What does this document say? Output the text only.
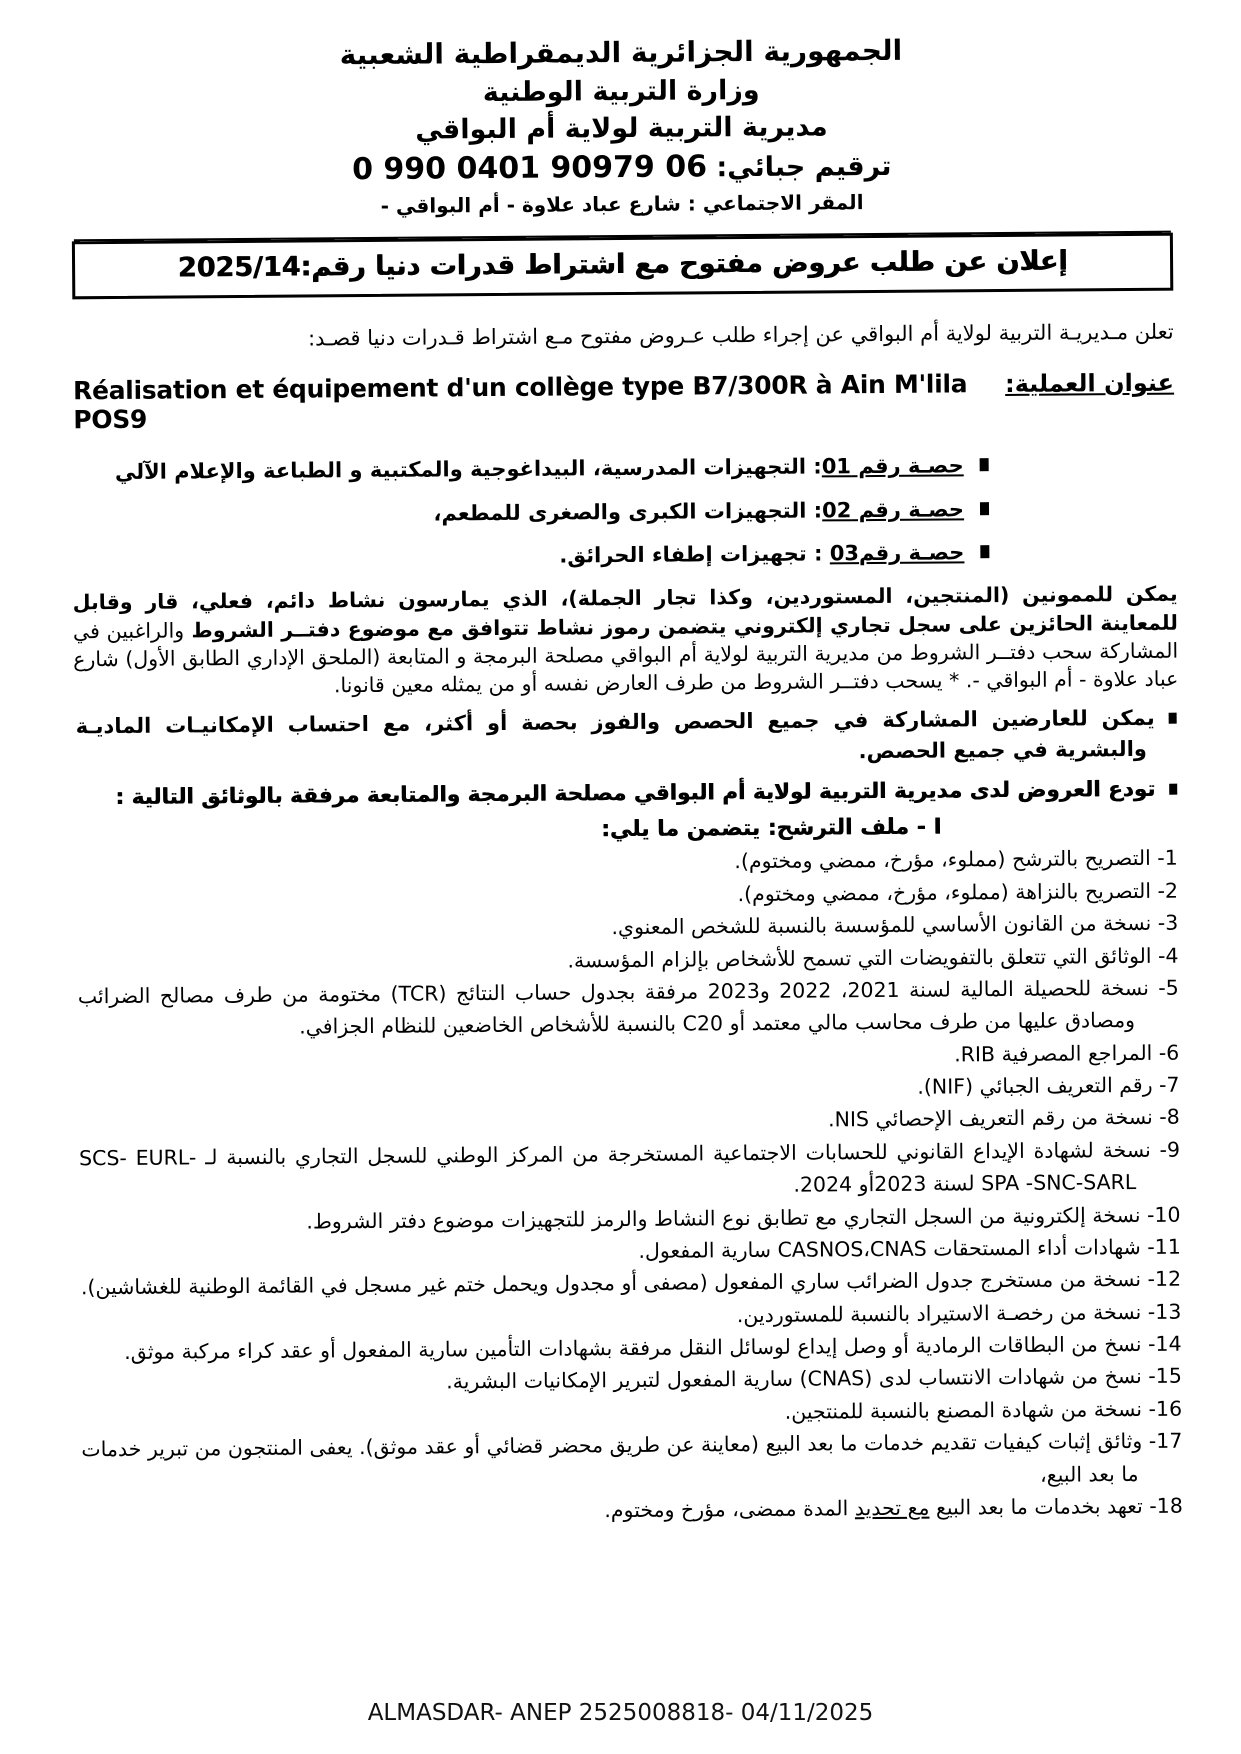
الجمهورية الجزائرية الديمقراطية الشعبية
وزارة التربية الوطنية
مديرية التربية لولاية أم البواقي
ترقيم جبائي: 0 990 0401 90979 06
المقر الاجتماعي : شارع عباد علاوة - أم البواقي -
إعلان عن طلب عروض مفتوح مع اشتراط قدرات دنيا رقم:2025/14
تعلن مـديريـة التربية لولاية أم البواقي عن إجراء طلب عـروض مفتوح مـع اشتراط قـدرات دنيا قصـد:
عنوان العملية:
Réalisation et équipement d'un collège type B7/300R à Ain M'lila POS9
حصـة رقم 01: التجهيزات المدرسية، البيداغوجية والمكتبية و الطباعة والإعلام الآلي
حصـة رقم 02: التجهيزات الكبرى والصغرى للمطعم،
حصـة رقم03 : تجهيزات إطفاء الحرائق.
يمكن للممونين (المنتجين، المستوردين، وكذا تجار الجملة)، الذي يمارسون نشاط دائم، فعلي، قار وقابل للمعاينة الحائزين على سجل تجاري إلكتروني يتضمن رموز نشاط تتوافق مع موضوع دفتــر الشروط والراغبين في المشاركة سحب دفتــر الشروط من مديرية التربية لولاية أم البواقي مصلحة البرمجة و المتابعة (الملحق الإداري الطابق الأول) شارع عباد علاوة - أم البواقي -. * يسحب دفتــر الشروط من طرف العارض نفسه أو من يمثله معين قانونا.
يمكن للعارضين المشاركة في جميع الحصص والفوز بحصة أو أكثر، مع احتساب الإمكانيـات الماديـة والبشرية في جميع الحصص.
تودع العروض لدى مديرية التربية لولاية أم البواقي مصلحة البرمجة والمتابعة مرفقة بالوثائق التالية :
I - ملف الترشح: يتضمن ما يلي:
1- التصريح بالترشح (مملوء، مؤرخ، ممضي ومختوم).
2- التصريح بالنزاهة (مملوء، مؤرخ، ممضي ومختوم).
3- نسخة من القانون الأساسي للمؤسسة بالنسبة للشخص المعنوي.
4- الوثائق التي تتعلق بالتفويضات التي تسمح للأشخاص بإلزام المؤسسة.
5- نسخة للحصيلة المالية لسنة 2021، 2022 و2023 مرفقة بجدول حساب النتائج (TCR) مختومة من طرف مصالح الضرائب ومصادق عليها من طرف محاسب مالي معتمد أو C20 بالنسبة للأشخاص الخاضعين للنظام الجزافي.
6- المراجع المصرفية RIB.
7- رقم التعريف الجبائي (NIF).
8- نسخة من رقم التعريف الإحصائي NIS.
9- نسخة لشهادة الإيداع القانوني للحسابات الاجتماعية المستخرجة من المركز الوطني للسجل التجاري بالنسبة لـ SCS- EURL-SPA -SNC-SARL لسنة 2023أو 2024.
10- نسخة إلكترونية من السجل التجاري مع تطابق نوع النشاط والرمز للتجهيزات موضوع دفتر الشروط.
11- شهادات أداء المستحقات CASNOS،CNAS سارية المفعول.
12- نسخة من مستخرج جدول الضرائب ساري المفعول (مصفى أو مجدول ويحمل ختم غير مسجل في القائمة الوطنية للغشاشين).
13- نسخة من رخصـة الاستيراد بالنسبة للمستوردين.
14- نسخ من البطاقات الرمادية أو وصل إيداع لوسائل النقل مرفقة بشهادات التأمين سارية المفعول أو عقد كراء مركبة موثق.
15- نسخ من شهادات الانتساب لدى (CNAS) سارية المفعول لتبرير الإمكانيات البشرية.
16- نسخة من شهادة المصنع بالنسبة للمنتجين.
17- وثائق إثبات كيفيات تقديم خدمات ما بعد البيع (معاينة عن طريق محضر قضائي أو عقد موثق). يعفى المنتجون من تبرير خدمات ما بعد البيع،
18- تعهد بخدمات ما بعد البيع مع تحديد المدة ممضى، مؤرخ ومختوم.
ALMASDAR- ANEP 2525008818- 04/11/2025
